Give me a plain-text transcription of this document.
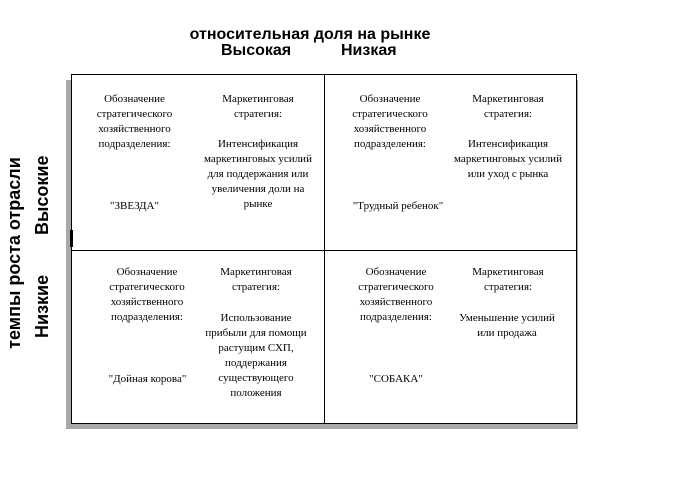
относительная доля на рынке
Высокая	Низкая
темпы роста отрасли Высокие
Низкие
Обозначение стратегического хозяйственного подразделения:
"ЗВЕЗДА"
Маркетинговая стратегия:
Интенсификация маркетинговых усилий для поддержания или увеличения доли на рынке
Обозначение стратегического хозяйственного подразделения:
"Трудный ребенок"
Маркетинговая стратегия:
Интенсификация маркетинговых усилий или уход с рынка
Обозначение стратегического хозяйственного подразделения:
"Дойная корова"
Маркетинговая стратегия:
Использование прибыли для помощи растущим СХП, поддержания существующего положения
Обозначение стратегического хозяйственного подразделения:
"СОБАКА"
Маркетинговая стратегия:
Уменьшение усилий или продажа
